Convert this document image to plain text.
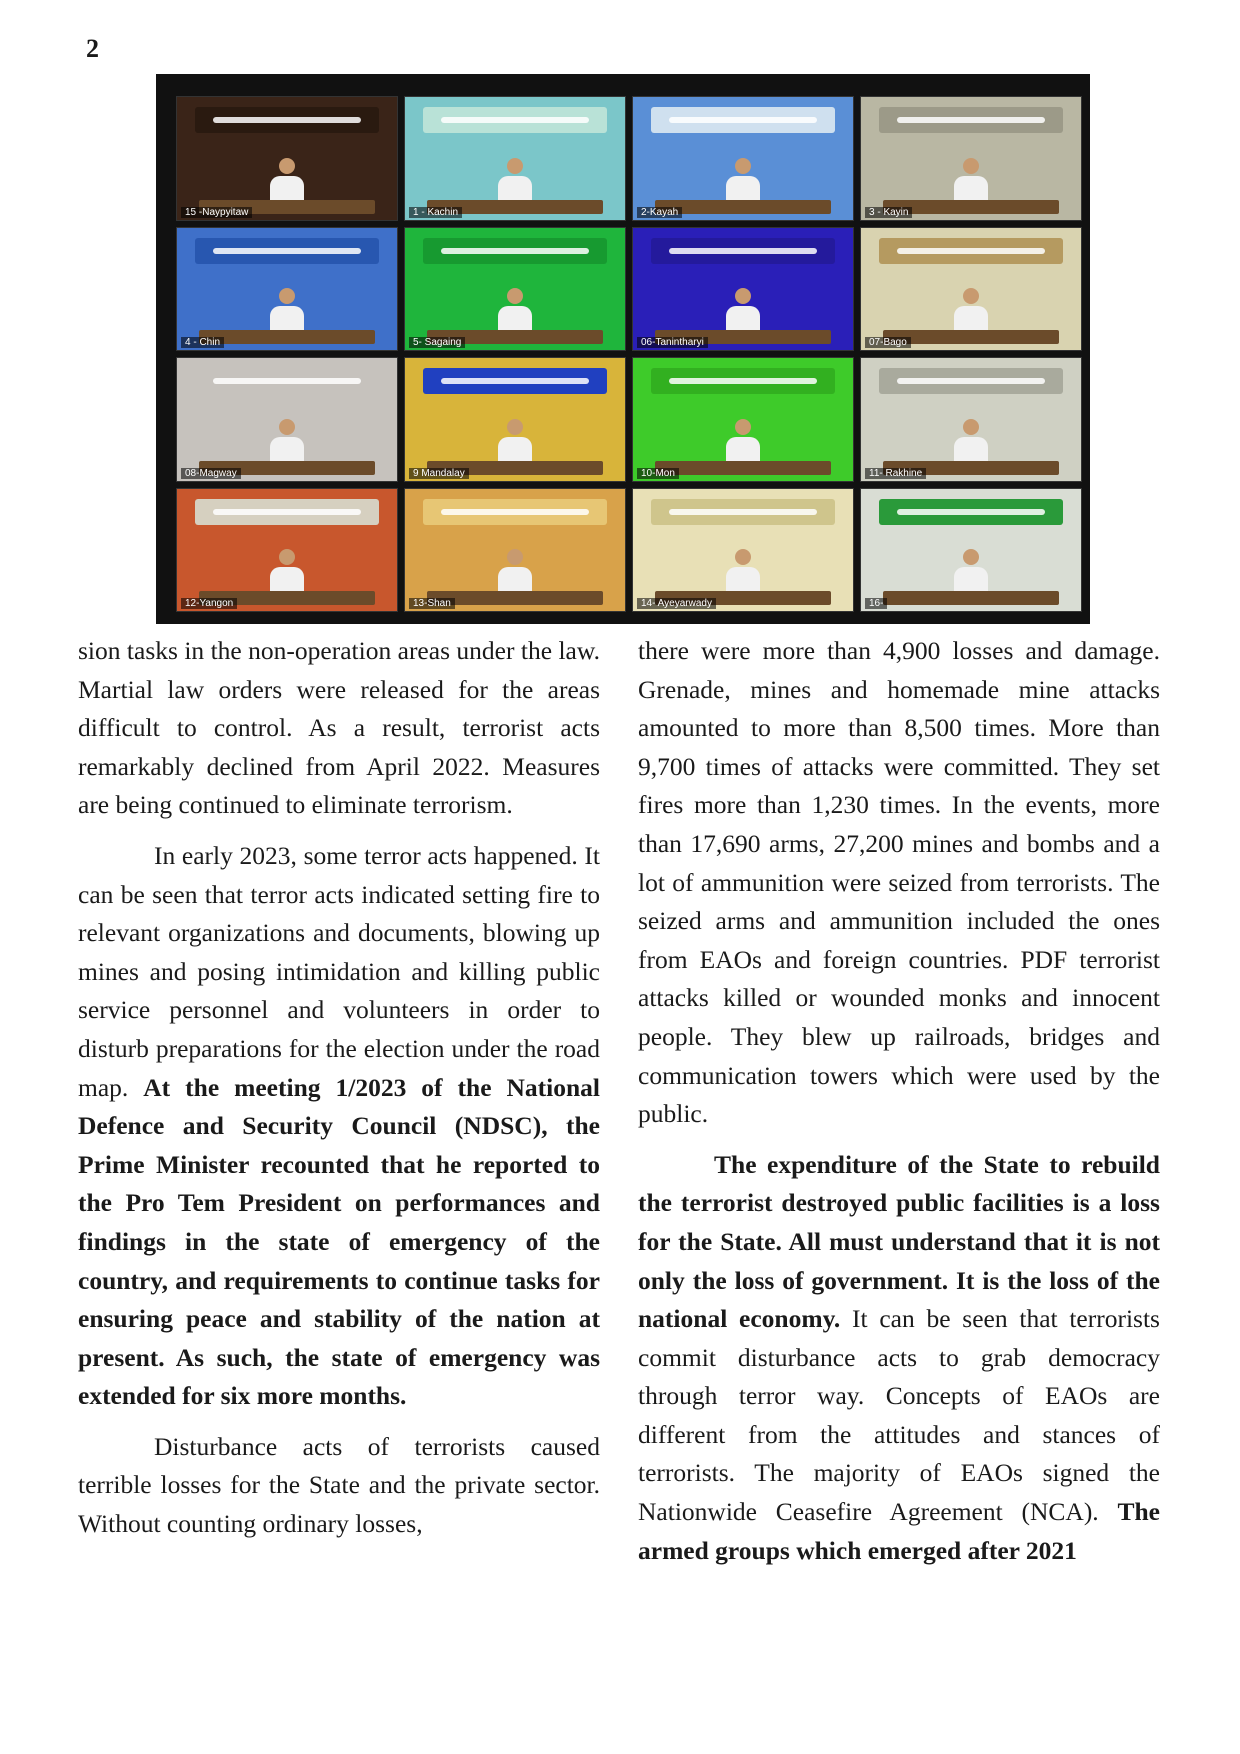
2
15 -Naypyitaw	1 - Kachin	2-Kayah	3 - Kayin
4 - Chin	5- Sagaing	06-Tanintharyi	07-Bago
08-Magway	9 Mandalay	10-Mon	11- Rakhine
12-Yangon	13-Shan	14- Ayeyarwady	16-

sion tasks in the non-operation areas under the law. Martial law orders were released for the areas difficult to control. As a result, terrorist acts remarkably declined from April 2022. Measures are being continued to eliminate terrorism.

In early 2023, some terror acts happened. It can be seen that terror acts indicated setting fire to relevant organizations and documents, blowing up mines and posing intimidation and killing public service personnel and volunteers in order to disturb preparations for the election under the road map. At the meeting 1/2023 of the National Defence and Security Council (NDSC), the Prime Minister recounted that he reported to the Pro Tem President on performances and findings in the state of emergency of the country, and requirements to continue tasks for ensuring peace and stability of the nation at present. As such, the state of emergency was extended for six more months.

Disturbance acts of terrorists caused terrible losses for the State and the private sector. Without counting ordinary losses,

there were more than 4,900 losses and damage. Grenade, mines and homemade mine attacks amounted to more than 8,500 times. More than 9,700 times of attacks were committed. They set fires more than 1,230 times. In the events, more than 17,690 arms, 27,200 mines and bombs and a lot of ammunition were seized from terrorists. The seized arms and ammunition included the ones from EAOs and foreign countries. PDF terrorist attacks killed or wounded monks and innocent people. They blew up railroads, bridges and communication towers which were used by the public.

The expenditure of the State to rebuild the terrorist destroyed public facilities is a loss for the State. All must understand that it is not only the loss of government. It is the loss of the national economy. It can be seen that terrorists commit disturbance acts to grab democracy through terror way. Concepts of EAOs are different from the attitudes and stances of terrorists. The majority of EAOs signed the Nationwide Ceasefire Agreement (NCA). The armed groups which emerged after 2021
